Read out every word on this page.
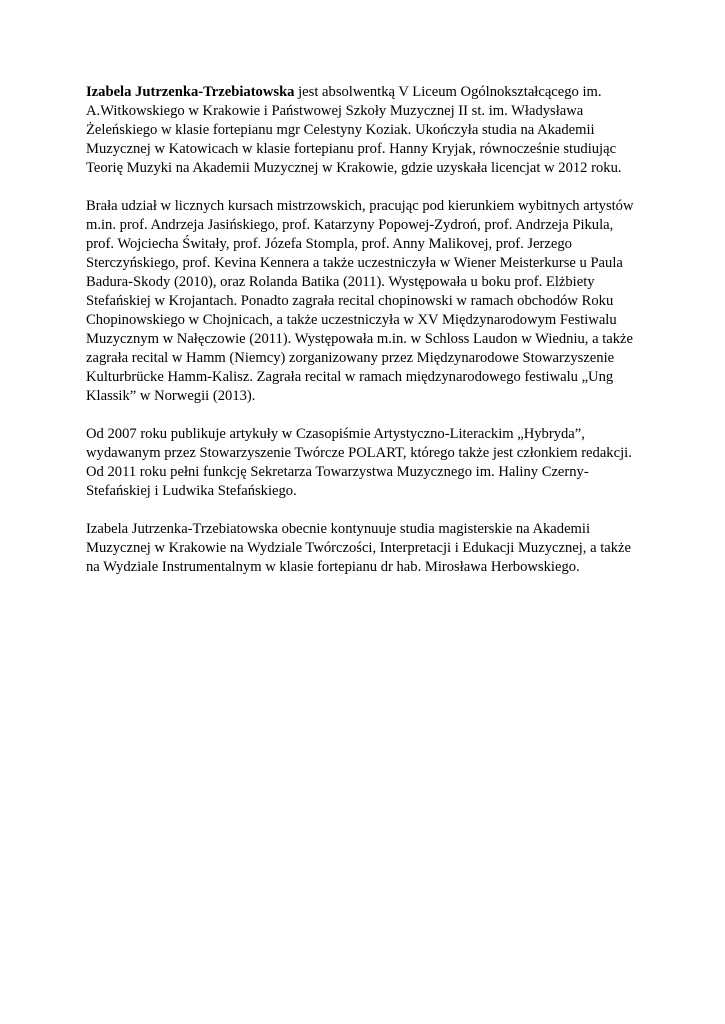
Izabela Jutrzenka-Trzebiatowska jest absolwentką V Liceum Ogólnokształcącego im.
A.Witkowskiego w Krakowie i Państwowej Szkoły Muzycznej II st. im. Władysława
Żeleńskiego w klasie fortepianu mgr Celestyny Koziak. Ukończyła studia na Akademii
Muzycznej w Katowicach w klasie fortepianu prof. Hanny Kryjak, równocześnie studiując
Teorię Muzyki na Akademii Muzycznej w Krakowie, gdzie uzyskała licencjat w 2012 roku.

Brała udział w licznych kursach mistrzowskich, pracując pod kierunkiem wybitnych artystów
m.in. prof. Andrzeja Jasińskiego, prof. Katarzyny Popowej-Zydroń, prof. Andrzeja Pikula,
prof. Wojciecha Świtały, prof. Józefa Stompla, prof. Anny Malikovej, prof. Jerzego
Sterczyńskiego, prof. Kevina Kennera a także uczestniczyła w Wiener Meisterkurse u Paula
Badura-Skody (2010), oraz Rolanda Batika (2011). Występowała u boku prof. Elżbiety
Stefańskiej w Krojantach. Ponadto zagrała recital chopinowski w ramach obchodów Roku
Chopinowskiego w Chojnicach, a także uczestniczyła w XV Międzynarodowym Festiwalu
Muzycznym w Nałęczowie (2011). Występowała m.in. w Schloss Laudon w Wiedniu, a także
zagrała recital w Hamm (Niemcy) zorganizowany przez Międzynarodowe Stowarzyszenie
Kulturbrücke Hamm-Kalisz. Zagrała recital w ramach międzynarodowego festiwalu „Ung
Klassik” w Norwegii (2013).

Od 2007 roku publikuje artykuły w Czasopiśmie Artystyczno-Literackim „Hybryda”,
wydawanym przez Stowarzyszenie Twórcze POLART, którego także jest członkiem redakcji.
Od 2011 roku pełni funkcję Sekretarza Towarzystwa Muzycznego im. Haliny Czerny-
Stefańskiej i Ludwika Stefańskiego.

Izabela Jutrzenka-Trzebiatowska obecnie kontynuuje studia magisterskie na Akademii
Muzycznej w Krakowie na Wydziale Twórczości, Interpretacji i Edukacji Muzycznej, a także
na Wydziale Instrumentalnym w klasie fortepianu dr hab. Mirosława Herbowskiego.
